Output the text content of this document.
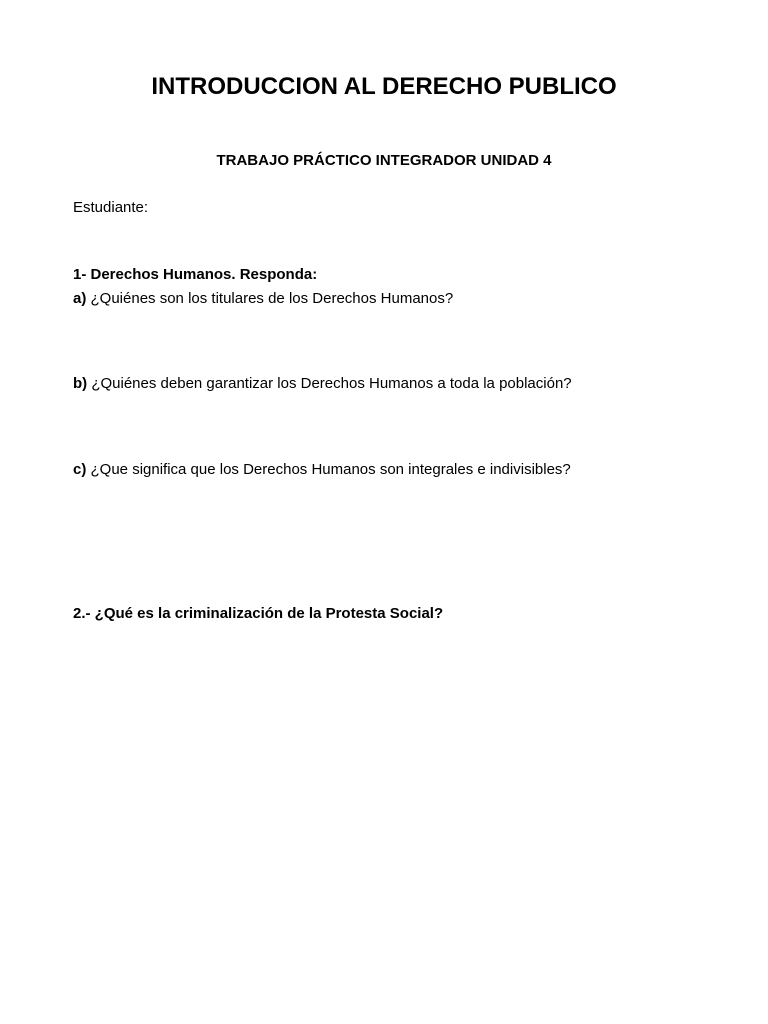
INTRODUCCION AL DERECHO PUBLICO
TRABAJO PRÁCTICO INTEGRADOR UNIDAD 4
Estudiante:
1- Derechos Humanos. Responda:
a) ¿Quiénes son los titulares de los Derechos Humanos?
b) ¿Quiénes deben garantizar los Derechos Humanos a toda la población?
c) ¿Que significa que los Derechos Humanos son integrales e indivisibles?
2.- ¿Qué es la criminalización de la Protesta Social?
